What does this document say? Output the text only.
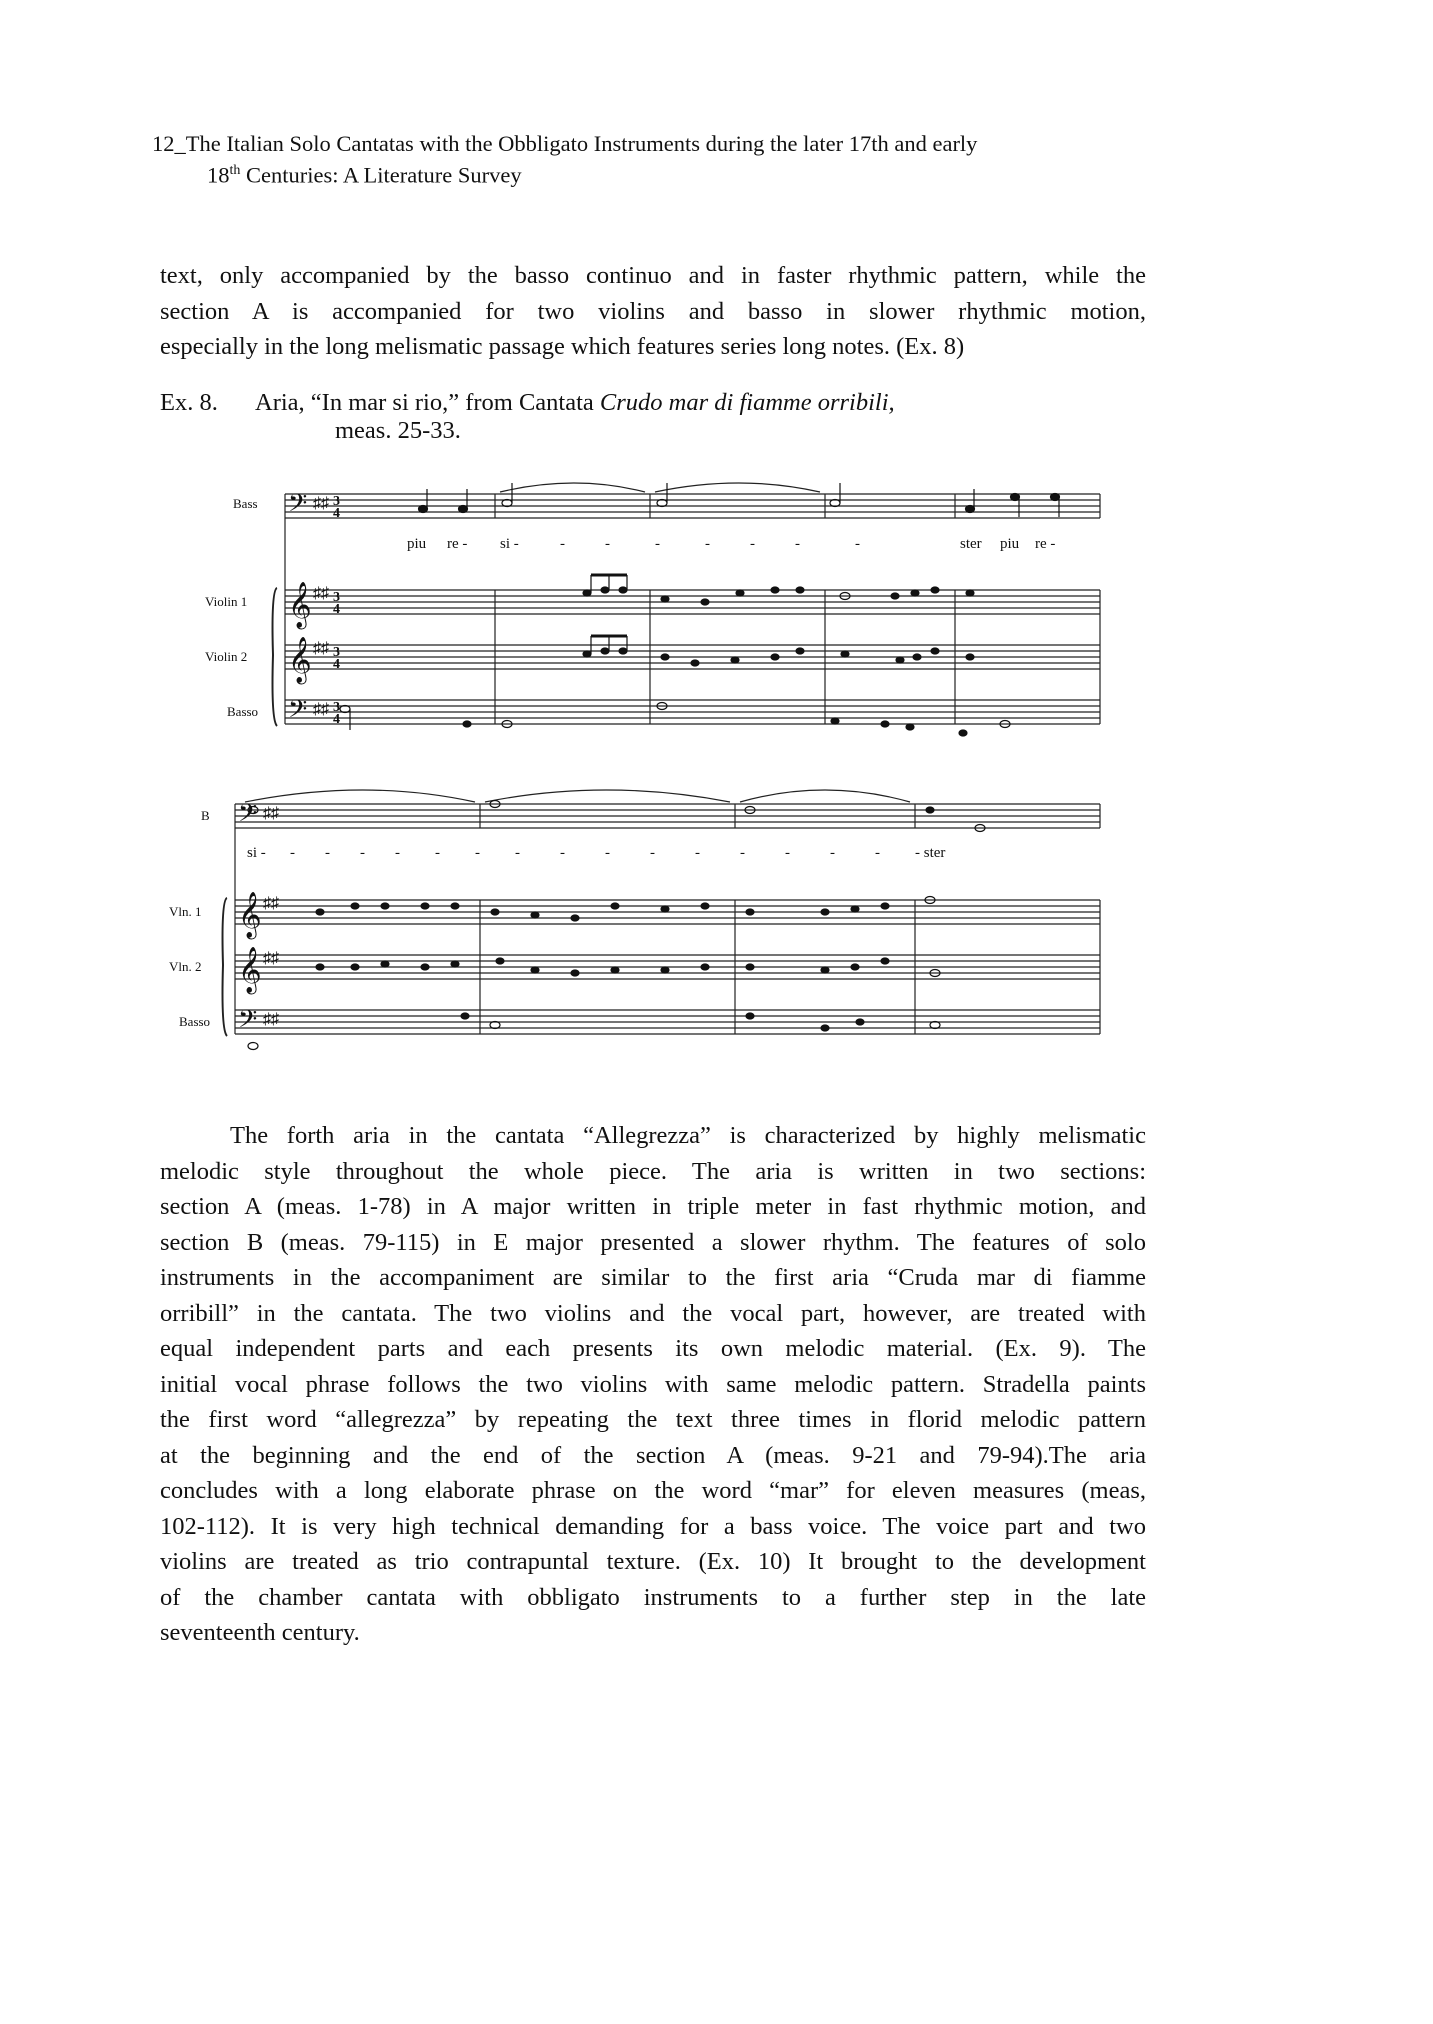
12_The Italian Solo Cantatas with the Obbligato Instruments during the later 17th and early
18th Centuries: A Literature Survey
text, only accompanied by the basso continuo and in faster rhythmic pattern, while the
section A is accompanied for two violins and basso in slower rhythmic motion,
especially in the long melismatic passage which features series long notes. (Ex. 8)
Ex. 8. Aria, “In mar si rio,” from Cantata Crudo mar di fiamme orribili,
meas. 25-33.
𝄢
𝄞
𝄞
𝄢
𝄢
𝄞
𝄞
𝄢
♯♯
♯♯
♯♯
♯♯
♯♯
♯♯
♯♯
♯♯
3
4
3
4
3
4
3
4
Bass
Violin 1
Violin 2
Basso
B
Vln. 1
Vln. 2
Basso
piu re - si -	-	-	-	-	-	-	-	ster piu re -
si - - - - - - - -	-	-	-	-	-	-	-	- - ster
The forth aria in the cantata “Allegrezza” is characterized by highly melismatic
melodic style throughout the whole piece. The aria is written in two sections:
section A (meas. 1-78) in A major written in triple meter in fast rhythmic motion, and
section B (meas. 79-115) in E major presented a slower rhythm. The features of solo
instruments in the accompaniment are similar to the first aria “Cruda mar di fiamme
orribill” in the cantata. The two violins and the vocal part, however, are treated with
equal independent parts and each presents its own melodic material. (Ex. 9). The
initial vocal phrase follows the two violins with same melodic pattern. Stradella paints
the first word “allegrezza” by repeating the text three times in florid melodic pattern
at the beginning and the end of the section A (meas. 9-21 and 79-94).The aria
concludes with a long elaborate phrase on the word “mar” for eleven measures (meas,
102-112). It is very high technical demanding for a bass voice. The voice part and two
violins are treated as trio contrapuntal texture. (Ex. 10) It brought to the development
of the chamber cantata with obbligato instruments to a further step in the late
seventeenth century.
